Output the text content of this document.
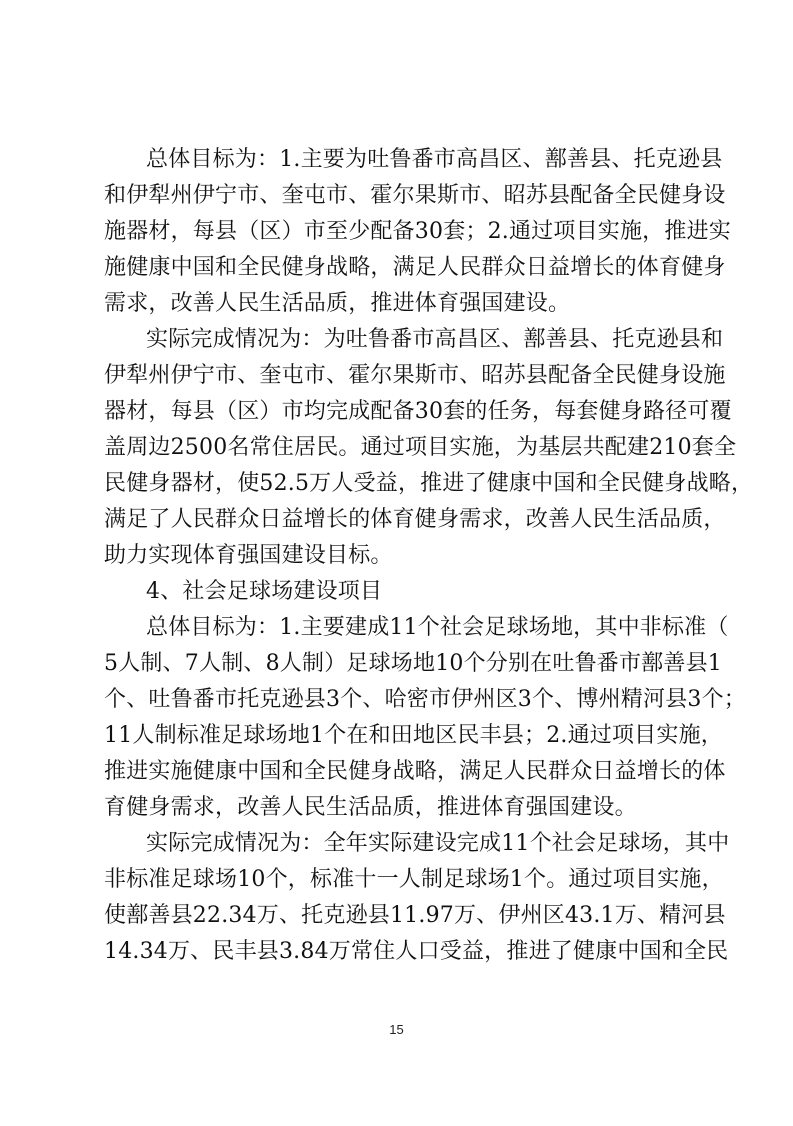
总体目标为：1.主要为吐鲁番市高昌区、鄯善县、托克逊县
和伊犁州伊宁市、奎屯市、霍尔果斯市、昭苏县配备全民健身设
施器材，每县（区）市至少配备30套；2.通过项目实施，推进实
施健康中国和全民健身战略，满足人民群众日益增长的体育健身
需求，改善人民生活品质，推进体育强国建设。
实际完成情况为：为吐鲁番市高昌区、鄯善县、托克逊县和
伊犁州伊宁市、奎屯市、霍尔果斯市、昭苏县配备全民健身设施
器材，每县（区）市均完成配备30套的任务，每套健身路径可覆
盖周边2500名常住居民。通过项目实施，为基层共配建210套全
民健身器材，使52.5万人受益，推进了健康中国和全民健身战略，
满足了人民群众日益增长的体育健身需求，改善人民生活品质，
助力实现体育强国建设目标。
4、社会足球场建设项目
总体目标为：1.主要建成11个社会足球场地，其中非标准（
5人制、7人制、8人制）足球场地10个分别在吐鲁番市鄯善县1
个、吐鲁番市托克逊县3个、哈密市伊州区3个、博州精河县3个；
11人制标准足球场地1个在和田地区民丰县；2.通过项目实施，
推进实施健康中国和全民健身战略，满足人民群众日益增长的体
育健身需求，改善人民生活品质，推进体育强国建设。
实际完成情况为：全年实际建设完成11个社会足球场，其中
非标准足球场10个，标准十一人制足球场1个。通过项目实施，
使鄯善县22.34万、托克逊县11.97万、伊州区43.1万、精河县
14.34万、民丰县3.84万常住人口受益，推进了健康中国和全民
15
